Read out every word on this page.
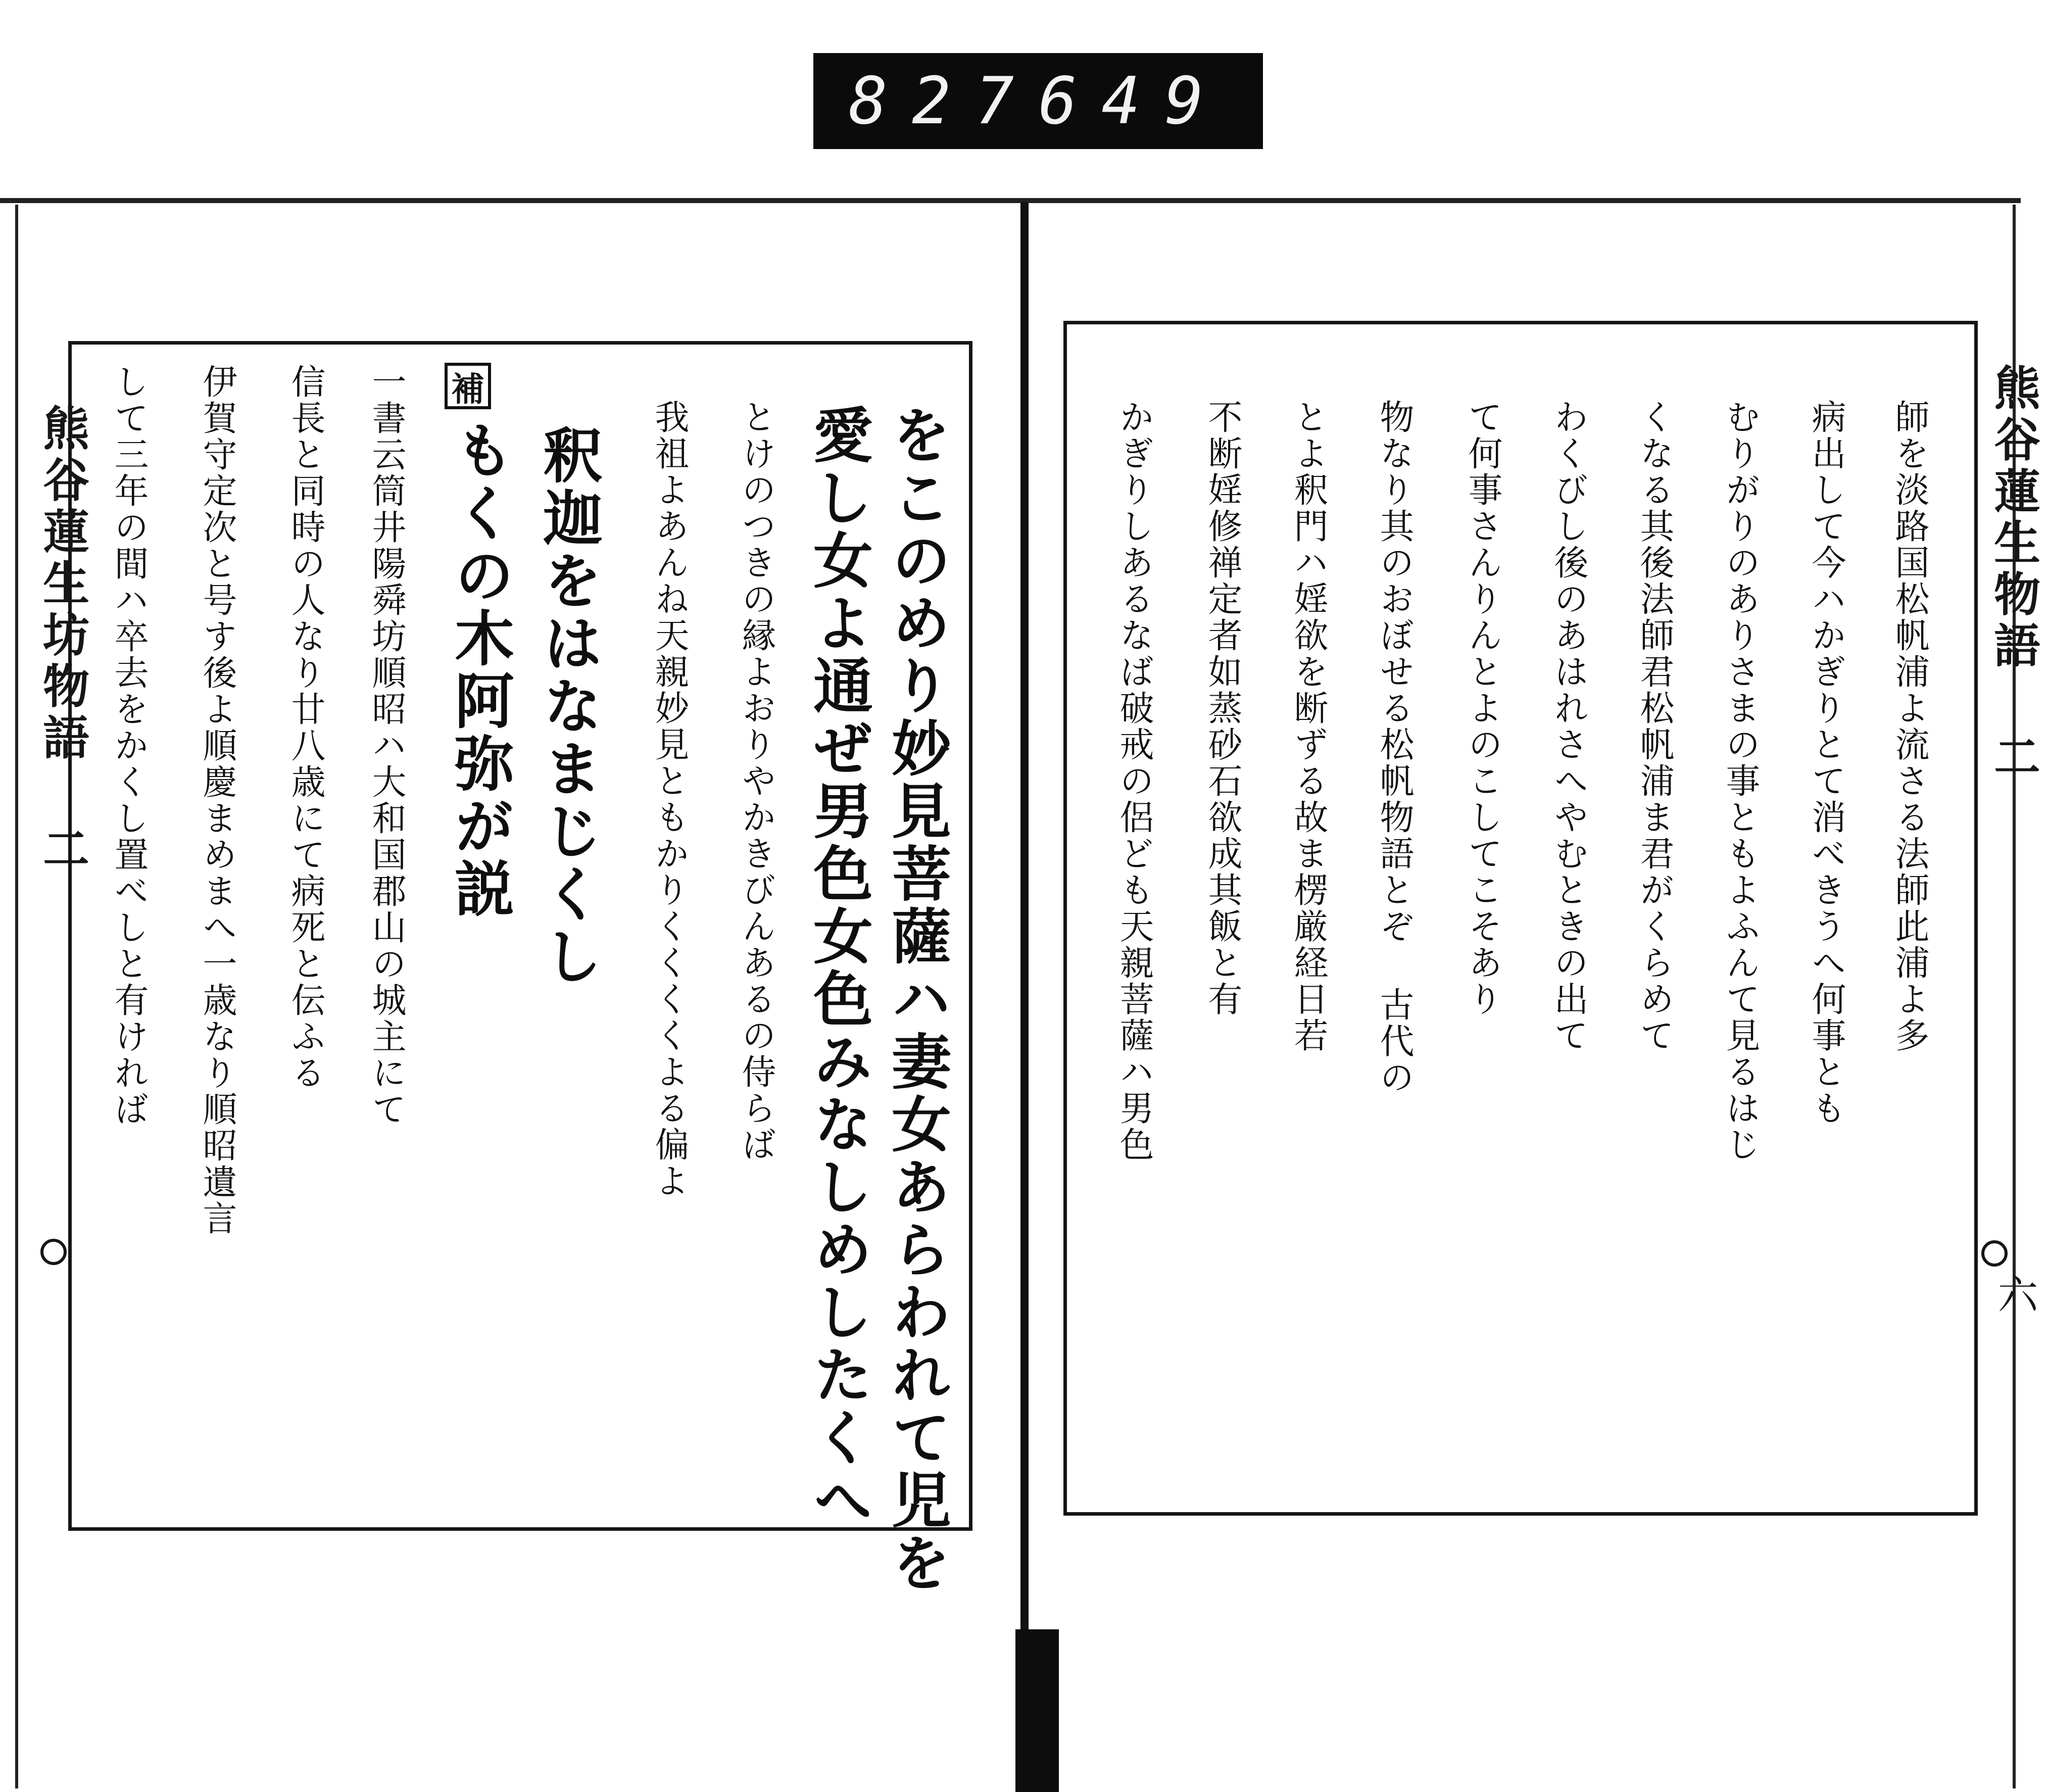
827 649
熊谷蓮生坊物語 二	熊谷蓮生物語 二
六
補
をこのめり妙見菩薩ハ妻女あらわれて児を
愛し女よ通ぜ男色女色みなしめしたくへ
とけのつきの縁よおりやかきびんあるの侍らば
我祖よあんね天親妙見ともかりくくくくよる偏よ
釈迦をはなまじくし
もくの木阿弥が説
一書云筒井陽舜坊順昭ハ大和国郡山の城主にて
信長と同時の人なり廿八歳にて病死と伝ふる
伊賀守定次と号す後よ順慶まめまへ一歳なり順昭遺言
して三年の間ハ卒去をかくし置べしと有ければ	師を淡路国松帆浦よ流さる法師此浦よ多
病出して今ハかぎりとて消べきうへ何事とも
むりがりのありさまの事ともよふんて見るはじ
くなる其後法師君松帆浦ま君がくらめて
わくびし後のあはれさへやむときの出て
て何事さんりんとよのこしてこそあり
物なり其のおぼせる松帆物語とぞ 古代の
とよ釈門ハ婬欲を断ずる故ま楞厳経日若
不断婬修禅定者如蒸砂石欲成其飯と有
かぎりしあるなば破戒の侶ども天親菩薩ハ男色
